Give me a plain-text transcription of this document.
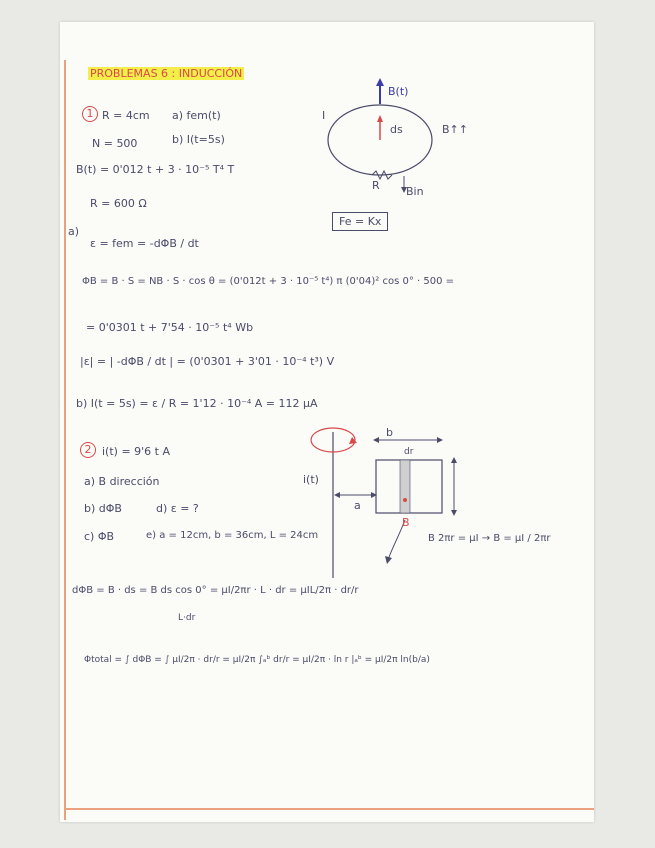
PROBLEMAS 6 : INDUCCIÓN
1 R = 4cm
N = 500
B(t) = 0'012 t + 3 · 10⁻⁵ T⁴ T
R = 600 Ω
a) fem(t)
b) I(t=5s)
B(t)
ds
I
R Bin
B↑↑
Fe = Kx
a)
ε = fem = -dΦB / dt
ΦB = B · S = NB · S · cos θ = (0'012t + 3 · 10⁻⁵ t⁴) π (0'04)² cos 0° · 500 =
= 0'0301 t + 7'54 · 10⁻⁵ t⁴ Wb
|ε| = | -dΦB / dt | = (0'0301 + 3'01 · 10⁻⁴ t³) V
b) I(t = 5s) = ε / R = 1'12 · 10⁻⁴ A = 112 μA
2 i(t) = 9'6 t A
a) B dirección
b) dΦB
c) ΦB
d) ε = ?
e) a = 12cm, b = 36cm, L = 24cm
i(t)
b
a
dr
B
B 2πr = μI → B = μI / 2πr
dΦB = B · ds = B ds cos 0° = μI/2πr · L · dr = μIL/2π · dr/r
L·dr
Φtotal = ∫ dΦB = ∫ μI/2π · dr/r = μI/2π ∫ₐᵇ dr/r = μI/2π · ln r |ₐᵇ = μI/2π ln(b/a)
